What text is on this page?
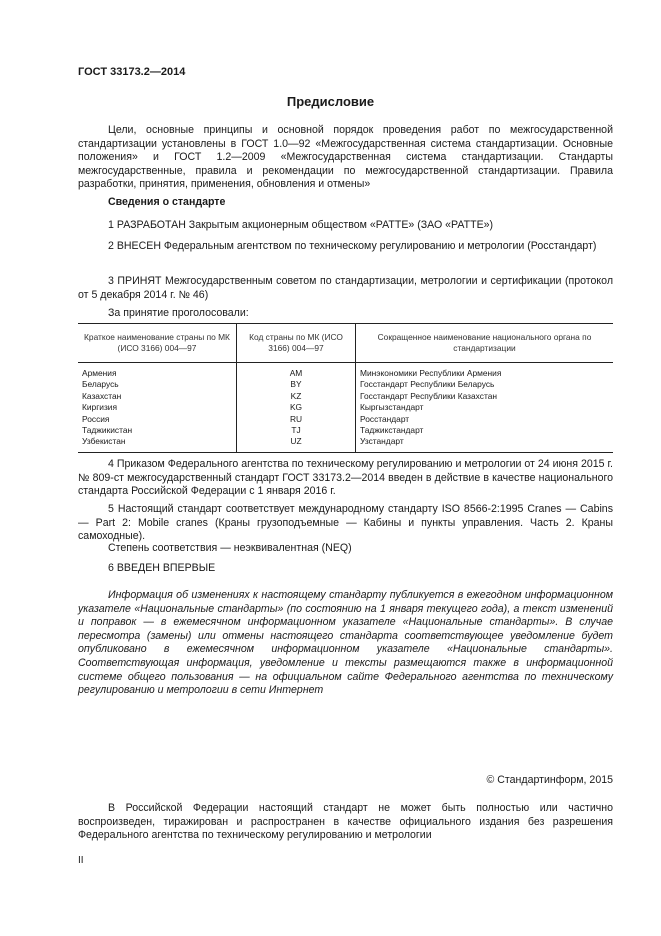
ГОСТ 33173.2—2014
Предисловие
Цели, основные принципы и основной порядок проведения работ по межгосударственной стандартизации установлены в ГОСТ 1.0—92 «Межгосударственная система стандартизации. Основные положения» и ГОСТ 1.2—2009 «Межгосударственная система стандартизации. Стандарты межгосударственные, правила и рекомендации по межгосударственной стандартизации. Правила разработки, принятия, применения, обновления и отмены»
Сведения о стандарте
1 РАЗРАБОТАН Закрытым акционерным обществом «РАТТЕ» (ЗАО «РАТТЕ»)
2 ВНЕСЕН Федеральным агентством по техническому регулированию и метрологии (Росстандарт)
3 ПРИНЯТ Межгосударственным советом по стандартизации, метрологии и сертификации (протокол от 5 декабря 2014 г. № 46)
За принятие проголосовали:
Краткое наименование страны по МК (ИСО 3166) 004—97	Код страны по МК (ИСО 3166) 004—97	Сокращенное наименование национального органа по стандартизации
Армения	AM	Минэкономики Республики Армения
Беларусь	BY	Госстандарт Республики Беларусь
Казахстан	KZ	Госстандарт Республики Казахстан
Киргизия	KG	Кыргызстандарт
Россия	RU	Росстандарт
Таджикистан	TJ	Таджикстандарт
Узбекистан	UZ	Узстандарт
4 Приказом Федерального агентства по техническому регулированию и метрологии от 24 июня 2015 г. № 809-ст межгосударственный стандарт ГОСТ 33173.2—2014 введен в действие в качестве национального стандарта Российской Федерации с 1 января 2016 г.
5 Настоящий стандарт соответствует международному стандарту ISO 8566-2:1995 Cranes — Cabins — Part 2: Mobile cranes (Краны грузоподъемные — Кабины и пункты управления. Часть 2. Краны самоходные).
Степень соответствия — неэквивалентная (NEQ)
6 ВВЕДЕН ВПЕРВЫЕ
Информация об изменениях к настоящему стандарту публикуется в ежегодном информационном указателе «Национальные стандарты» (по состоянию на 1 января текущего года), а текст изменений и поправок — в ежемесячном информационном указателе «Национальные стандарты». В случае пересмотра (замены) или отмены настоящего стандарта соответствующее уведомление будет опубликовано в ежемесячном информационном указателе «Национальные стандарты». Соответствующая информация, уведомление и тексты размещаются также в информационной системе общего пользования — на официальном сайте Федерального агентства по техническому регулированию и метрологии в сети Интернет
© Стандартинформ, 2015
В Российской Федерации настоящий стандарт не может быть полностью или частично воспроизведен, тиражирован и распространен в качестве официального издания без разрешения Федерального агентства по техническому регулированию и метрологии
II
